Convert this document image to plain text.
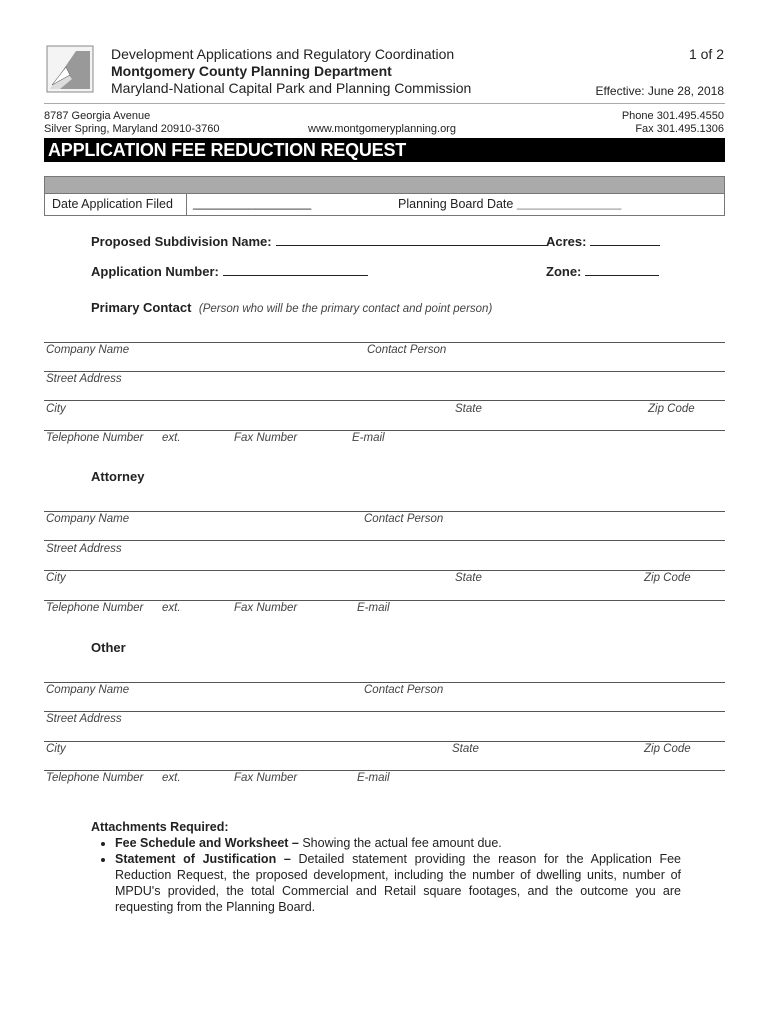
Development Applications and Regulatory Coordination
Montgomery County Planning Department
Maryland-National Capital Park and Planning Commission
1 of 2
Effective: June 28, 2018
8787 Georgia Avenue
Silver Spring, Maryland 20910-3760	www.montgomeryplanning.org
Phone 301.495.4550
Fax 301.495.1306
APPLICATION FEE REDUCTION REQUEST
Date Application Filed _________________	Planning Board Date _______________
Proposed Subdivision Name:	Acres:
Application Number:	Zone:
Primary Contact (Person who will be the primary contact and point person)
Company Name	Contact Person
Street Address
City	State	Zip Code
Telephone Number ext.	Fax Number	E-mail
Attorney
Company Name	Contact Person
Street Address
City	State	Zip Code
Telephone Number ext.	Fax Number	E-mail
Other
Company Name	Contact Person
Street Address
City	State	Zip Code
Telephone Number ext.	Fax Number	E-mail
Attachments Required:
• Fee Schedule and Worksheet – Showing the actual fee amount due.
• Statement of Justification – Detailed statement providing the reason for the Application Fee Reduction Request, the proposed development, including the number of dwelling units, number of MPDU's provided, the total Commercial and Retail square footages, and the outcome you are requesting from the Planning Board.
